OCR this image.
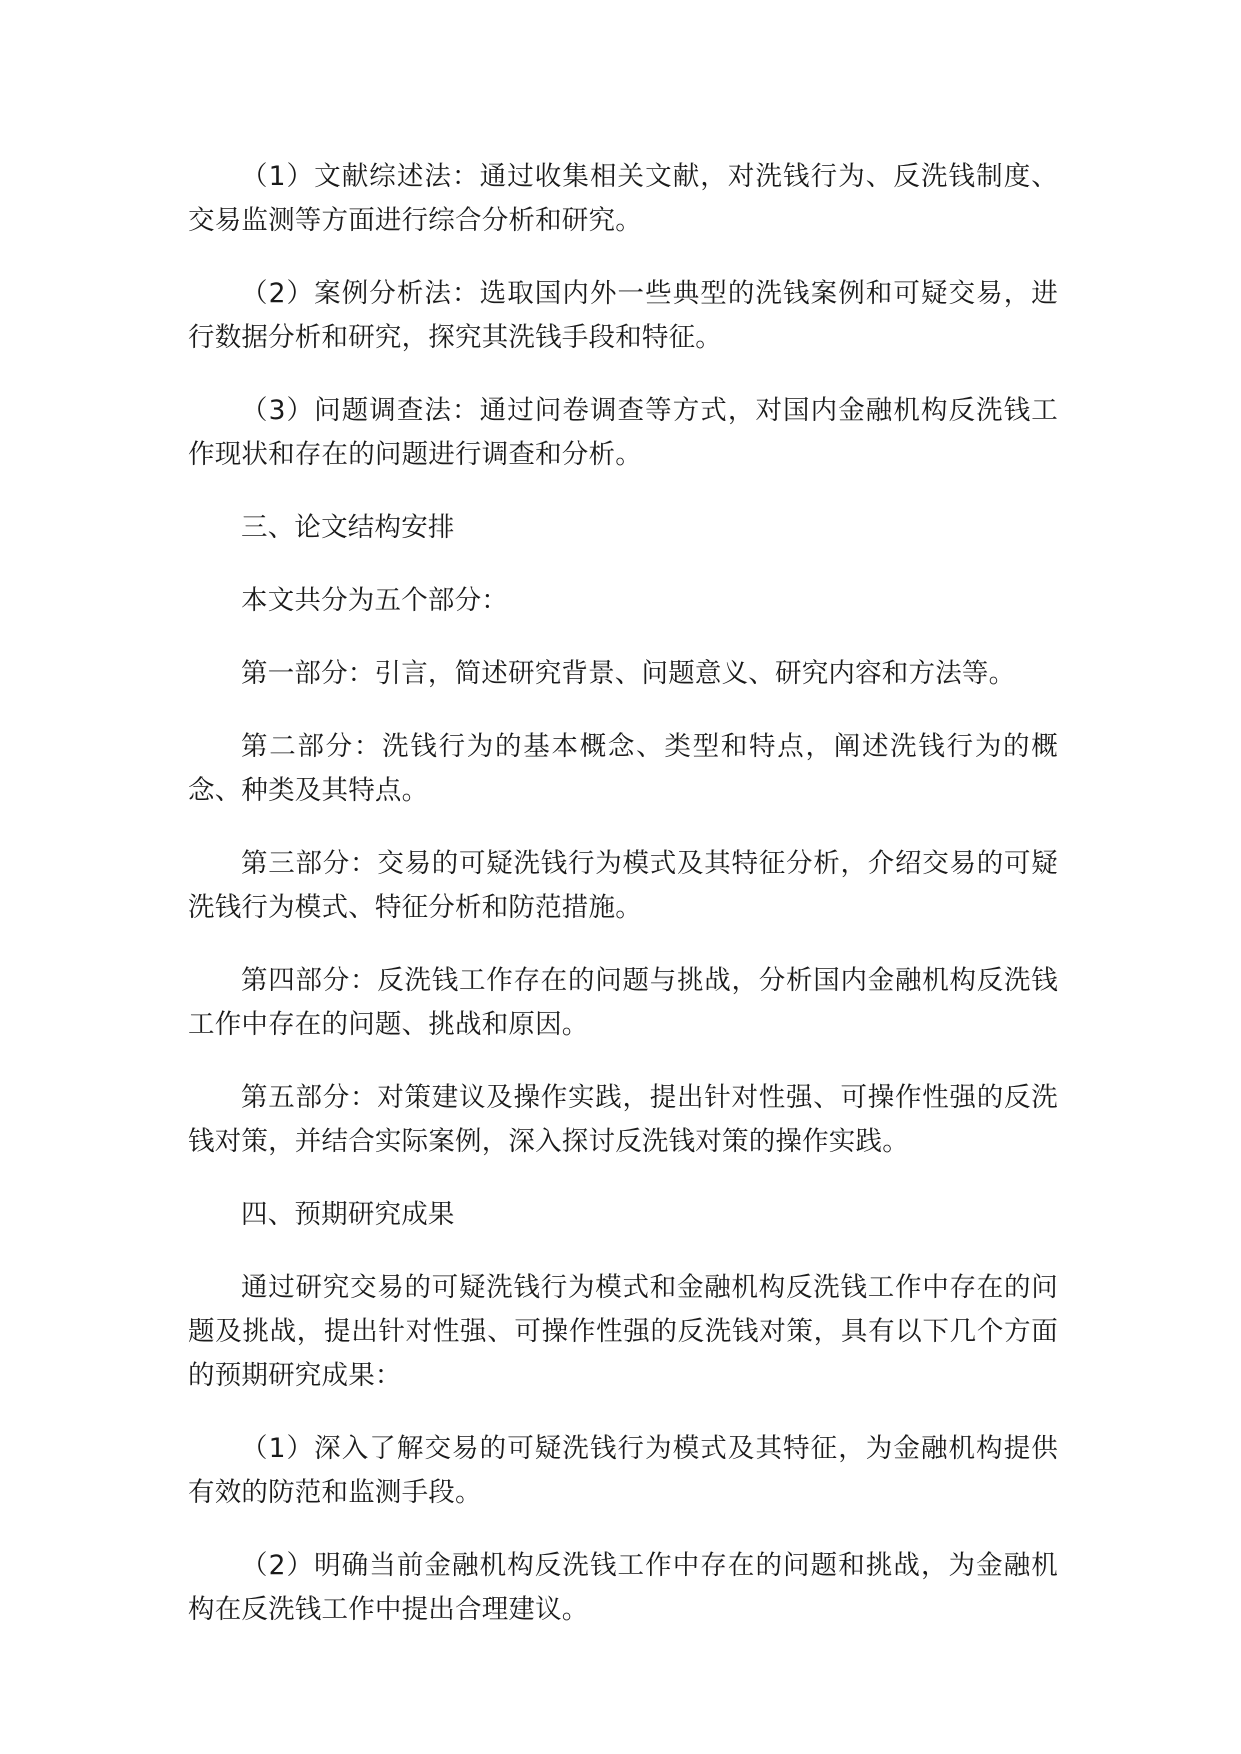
（1）文献综述法：通过收集相关文献，对洗钱行为、反洗钱制度、交易监测等方面进行综合分析和研究。

（2）案例分析法：选取国内外一些典型的洗钱案例和可疑交易，进行数据分析和研究，探究其洗钱手段和特征。

（3）问题调查法：通过问卷调查等方式，对国内金融机构反洗钱工作现状和存在的问题进行调查和分析。

三、论文结构安排

本文共分为五个部分：

第一部分：引言，简述研究背景、问题意义、研究内容和方法等。

第二部分：洗钱行为的基本概念、类型和特点，阐述洗钱行为的概念、种类及其特点。

第三部分：交易的可疑洗钱行为模式及其特征分析，介绍交易的可疑洗钱行为模式、特征分析和防范措施。

第四部分：反洗钱工作存在的问题与挑战，分析国内金融机构反洗钱工作中存在的问题、挑战和原因。

第五部分：对策建议及操作实践，提出针对性强、可操作性强的反洗钱对策，并结合实际案例，深入探讨反洗钱对策的操作实践。

四、预期研究成果

通过研究交易的可疑洗钱行为模式和金融机构反洗钱工作中存在的问题及挑战，提出针对性强、可操作性强的反洗钱对策，具有以下几个方面的预期研究成果：

（1）深入了解交易的可疑洗钱行为模式及其特征，为金融机构提供有效的防范和监测手段。

（2）明确当前金融机构反洗钱工作中存在的问题和挑战，为金融机构在反洗钱工作中提出合理建议。
